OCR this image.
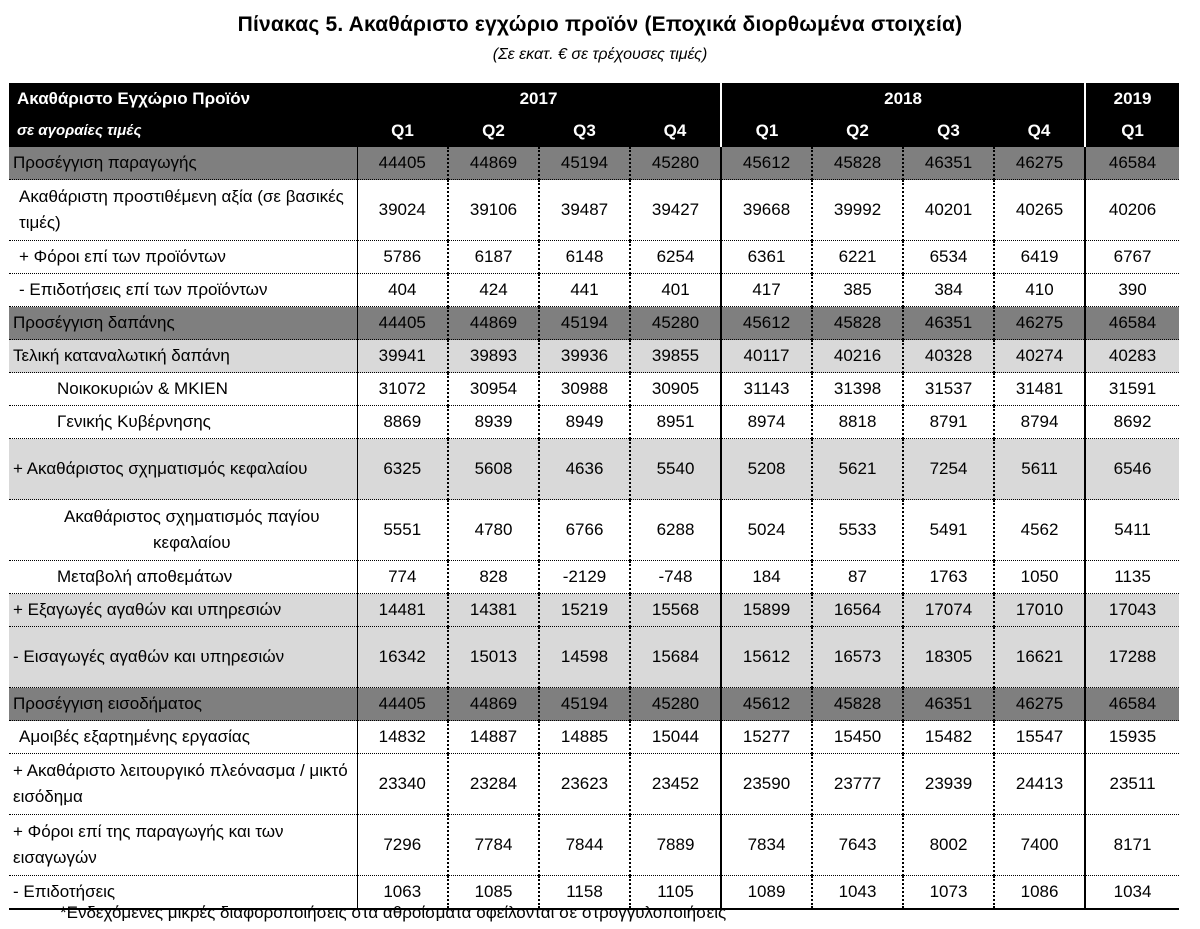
Πίνακας 5. Ακαθάριστο εγχώριο προϊόν (Εποχικά διορθωμένα στοιχεία)
(Σε εκατ. € σε τρέχουσες τιμές)
Ακαθάριστο Εγχώριο Προϊόν	2017				2018				2019
σε αγοραίες τιμές	Q1	Q2	Q3	Q4	Q1	Q2	Q3	Q4	Q1
Προσέγγιση παραγωγής	44405	44869	45194	45280	45612	45828	46351	46275	46584
Ακαθάριστη προστιθέμενη αξία (σε βασικές τιμές)	39024	39106	39487	39427	39668	39992	40201	40265	40206
+ Φόροι επί των προϊόντων	5786	6187	6148	6254	6361	6221	6534	6419	6767
- Επιδοτήσεις επί των προϊόντων	404	424	441	401	417	385	384	410	390
Προσέγγιση δαπάνης	44405	44869	45194	45280	45612	45828	46351	46275	46584
Τελική καταναλωτική δαπάνη	39941	39893	39936	39855	40117	40216	40328	40274	40283
Νοικοκυριών & ΜΚΙΕΝ	31072	30954	30988	30905	31143	31398	31537	31481	31591
Γενικής Κυβέρνησης	8869	8939	8949	8951	8974	8818	8791	8794	8692
+ Ακαθάριστος σχηματισμός κεφαλαίου	6325	5608	4636	5540	5208	5621	7254	5611	6546
Ακαθάριστος σχηματισμός παγίου κεφαλαίου	5551	4780	6766	6288	5024	5533	5491	4562	5411
Μεταβολή αποθεμάτων	774	828	-2129	-748	184	87	1763	1050	1135
+ Εξαγωγές αγαθών και υπηρεσιών	14481	14381	15219	15568	15899	16564	17074	17010	17043
- Εισαγωγές αγαθών και υπηρεσιών	16342	15013	14598	15684	15612	16573	18305	16621	17288
Προσέγγιση εισοδήματος	44405	44869	45194	45280	45612	45828	46351	46275	46584
Αμοιβές εξαρτημένης εργασίας	14832	14887	14885	15044	15277	15450	15482	15547	15935
+ Ακαθάριστο λειτουργικό πλεόνασμα / μικτό εισόδημα	23340	23284	23623	23452	23590	23777	23939	24413	23511
+ Φόροι επί της παραγωγής και των εισαγωγών	7296	7784	7844	7889	7834	7643	8002	7400	8171
- Επιδοτήσεις	1063	1085	1158	1105	1089	1043	1073	1086	1034
*Ενδεχόμενες μικρές διαφοροποιήσεις στα αθροίσματα οφείλονται σε στρογγυλοποιήσεις
